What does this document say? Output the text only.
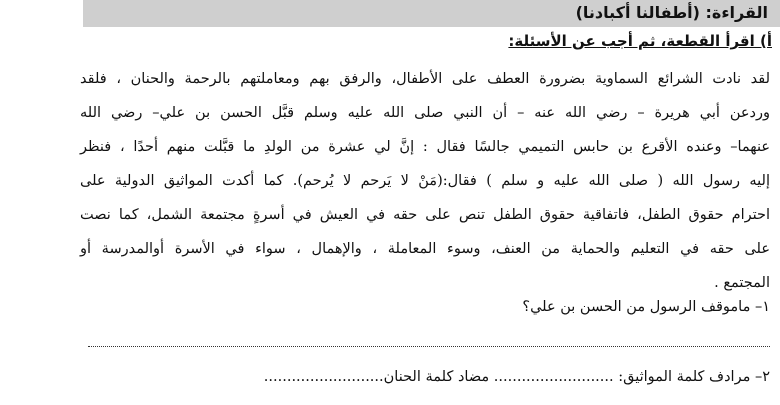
القراءة: (أطفالنا أكبادنا)
أ) اقرأ القطعة، ثم أجب عن الأسئلة:

لقد نادت الشرائع السماوية بضرورة العطف على الأطفال، والرفق بهم ومعاملتهم بالرحمة والحنان ، فلقد
وردعن أبي هريرة – رضي الله عنه – أن النبي صلى الله عليه وسلم قبَّل الحسن بن علي– رضي الله
عنهما– وعنده الأقرع بن حابس التميمي جالسًا فقال : إنَّ لي عشرة من الولدِ ما قبَّلت منهم أحدًا ، فنظر
إليه رسول الله ( صلى الله عليه و سلم ) فقال:(مَنْ لا يَرحم لا يُرحم). كما أكدت المواثيق الدولية على
احترام حقوق الطفل، فاتفاقية حقوق الطفل تنص على حقه في العيش في أسرةٍ مجتمعة الشمل، كما نصت
على حقه في التعليم والحماية من العنف، وسوء المعاملة ، والإهمال ، سواء في الأسرة أوالمدرسة أو
المجتمع .

١– ماموقف الرسول من الحسن بن علي؟
٢– مرادف كلمة المواثيق: .......................... مضاد كلمة الحنان..........................
